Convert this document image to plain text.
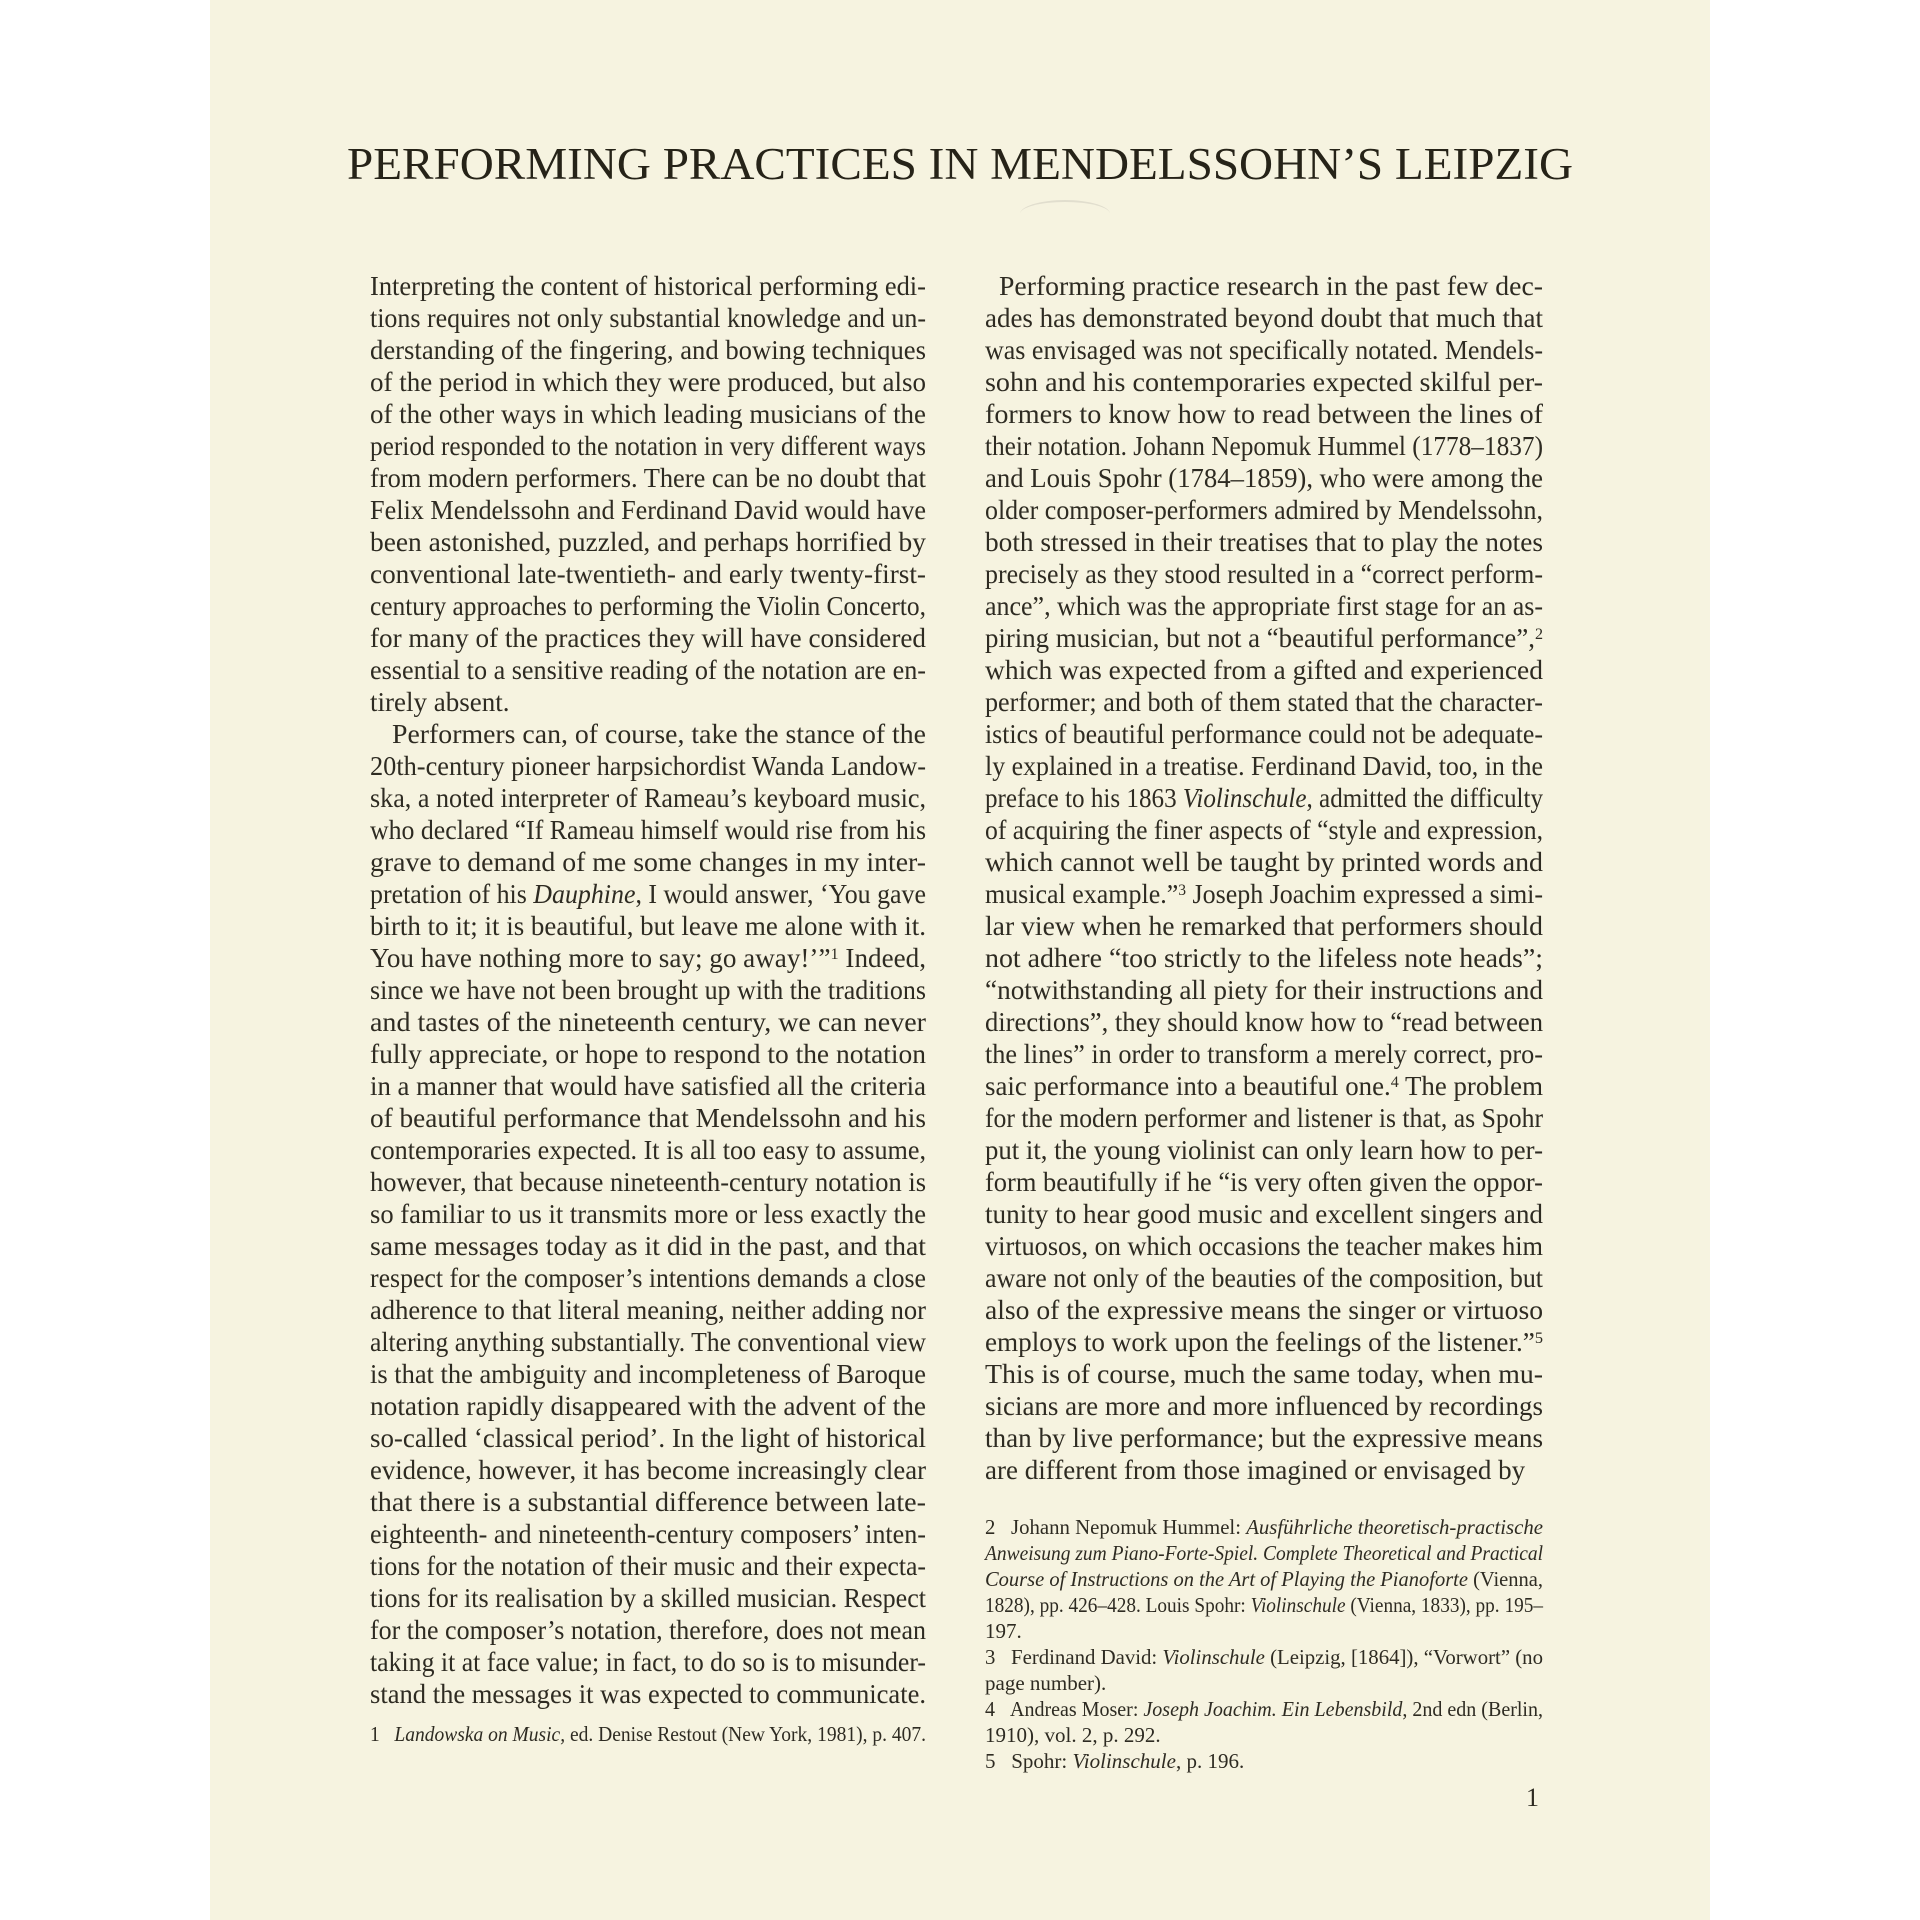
PERFORMING PRACTICES IN MENDELSSOHN’S LEIPZIG
Interpreting the content of historical performing edi-
tions requires not only substantial knowledge and un-
derstanding of the fingering, and bowing techniques
of the period in which they were produced, but also
of the other ways in which leading musicians of the
period responded to the notation in very different ways
from modern performers. There can be no doubt that
Felix Mendelssohn and Ferdinand David would have
been astonished, puzzled, and perhaps horrified by
conventional late-twentieth- and early twenty-first-
century approaches to performing the Violin Concerto,
for many of the practices they will have considered
essential to a sensitive reading of the notation are en-
tirely absent.
Performers can, of course, take the stance of the
20th-century pioneer harpsichordist Wanda Landow-
ska, a noted interpreter of Rameau’s keyboard music,
who declared “If Rameau himself would rise from his
grave to demand of me some changes in my inter-
pretation of his Dauphine, I would answer, ‘You gave
birth to it; it is beautiful, but leave me alone with it.
You have nothing more to say; go away!’”$^1$ Indeed,
since we have not been brought up with the traditions
and tastes of the nineteenth century, we can never
fully appreciate, or hope to respond to the notation
in a manner that would have satisfied all the criteria
of beautiful performance that Mendelssohn and his
contemporaries expected. It is all too easy to assume,
however, that because nineteenth-century notation is
so familiar to us it transmits more or less exactly the
same messages today as it did in the past, and that
respect for the composer’s intentions demands a close
adherence to that literal meaning, neither adding nor
altering anything substantially. The conventional view
is that the ambiguity and incompleteness of Baroque
notation rapidly disappeared with the advent of the
so-called ‘classical period’. In the light of historical
evidence, however, it has become increasingly clear
that there is a substantial difference between late-
eighteenth- and nineteenth-century composers’ inten-
tions for the notation of their music and their expecta-
tions for its realisation by a skilled musician. Respect
for the composer’s notation, therefore, does not mean
taking it at face value; in fact, to do so is to misunder-
stand the messages it was expected to communicate.
Performing practice research in the past few dec-
ades has demonstrated beyond doubt that much that
was envisaged was not specifically notated. Mendels-
sohn and his contemporaries expected skilful per-
formers to know how to read between the lines of
their notation. Johann Nepomuk Hummel (1778–1837)
and Louis Spohr (1784–1859), who were among the
older composer-performers admired by Mendelssohn,
both stressed in their treatises that to play the notes
precisely as they stood resulted in a “correct perform-
ance”, which was the appropriate first stage for an as-
piring musician, but not a “beautiful performance”,$^2$
which was expected from a gifted and experienced
performer; and both of them stated that the character-
istics of beautiful performance could not be adequate-
ly explained in a treatise. Ferdinand David, too, in the
preface to his 1863 Violinschule, admitted the difficulty
of acquiring the finer aspects of “style and expression,
which cannot well be taught by printed words and
musical example.”$^3$ Joseph Joachim expressed a simi-
lar view when he remarked that performers should
not adhere “too strictly to the lifeless note heads”;
“notwithstanding all piety for their instructions and
directions”, they should know how to “read between
the lines” in order to transform a merely correct, pro-
saic performance into a beautiful one.$^4$ The problem
for the modern performer and listener is that, as Spohr
put it, the young violinist can only learn how to per-
form beautifully if he “is very often given the oppor-
tunity to hear good music and excellent singers and
virtuosos, on which occasions the teacher makes him
aware not only of the beauties of the composition, but
also of the expressive means the singer or virtuoso
employs to work upon the feelings of the listener.”$^5$
This is of course, much the same today, when mu-
sicians are more and more influenced by recordings
than by live performance; but the expressive means
are different from those imagined or envisaged by
1   Landowska on Music, ed. Denise Restout (New York, 1981), p. 407.
2   Johann Nepomuk Hummel: Ausführliche theoretisch-practische
Anweisung zum Piano-Forte-Spiel. Complete Theoretical and Practical
Course of Instructions on the Art of Playing the Pianoforte (Vienna,
1828), pp. 426–428. Louis Spohr: Violinschule (Vienna, 1833), pp. 195–
197.
3   Ferdinand David: Violinschule (Leipzig, [1864]), “Vorwort” (no
page number).
4   Andreas Moser: Joseph Joachim. Ein Lebensbild, 2nd edn (Berlin,
1910), vol. 2, p. 292.
5   Spohr: Violinschule, p. 196.
1
